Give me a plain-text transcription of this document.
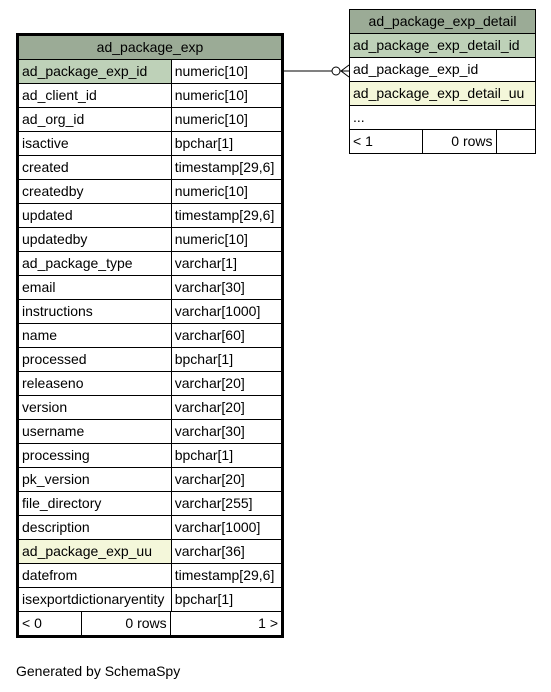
ad_package_exp
ad_package_exp_id	numeric[10]
ad_client_id	numeric[10]
ad_org_id	numeric[10]
isactive	bpchar[1]
created	timestamp[29,6]
createdby	numeric[10]
updated	timestamp[29,6]
updatedby	numeric[10]
ad_package_type	varchar[1]
email	varchar[30]
instructions	varchar[1000]
name	varchar[60]
processed	bpchar[1]
releaseno	varchar[20]
version	varchar[20]
username	varchar[30]
processing	bpchar[1]
pk_version	varchar[20]
file_directory	varchar[255]
description	varchar[1000]
ad_package_exp_uu	varchar[36]
datefrom	timestamp[29,6]
isexportdictionaryentity	bpchar[1]

< 0	0 rows	1 >
ad_package_exp_detail
ad_package_exp_detail_id
ad_package_exp_id
ad_package_exp_detail_uu
...

< 1	0 rows	
Generated by SchemaSpy
